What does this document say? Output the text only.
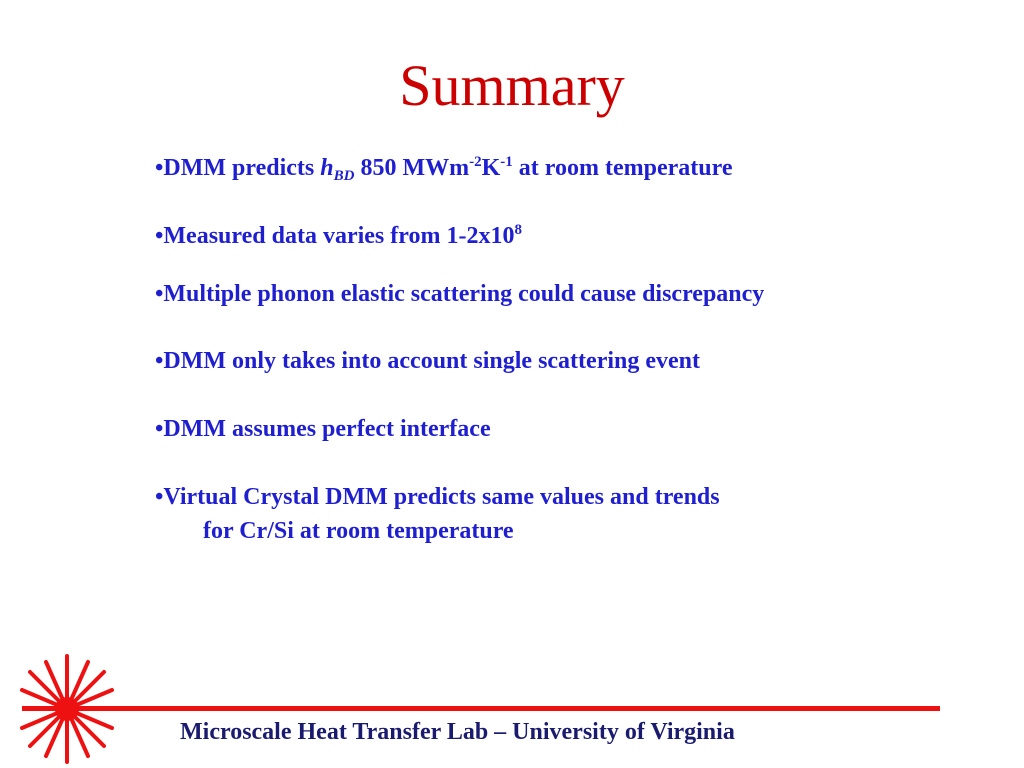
Summary
•DMM predicts $h_{BD}$ 850 $MWm^{-2}K^{-1}$ at room temperature
•Measured data varies from $1-2x10^8$
•Multiple phonon elastic scattering could cause discrepancy
•DMM only takes into account single scattering event
•DMM assumes perfect interface
•Virtual Crystal DMM predicts same values and trends
for Cr/Si at room temperature
Microscale Heat Transfer Lab – University of Virginia
